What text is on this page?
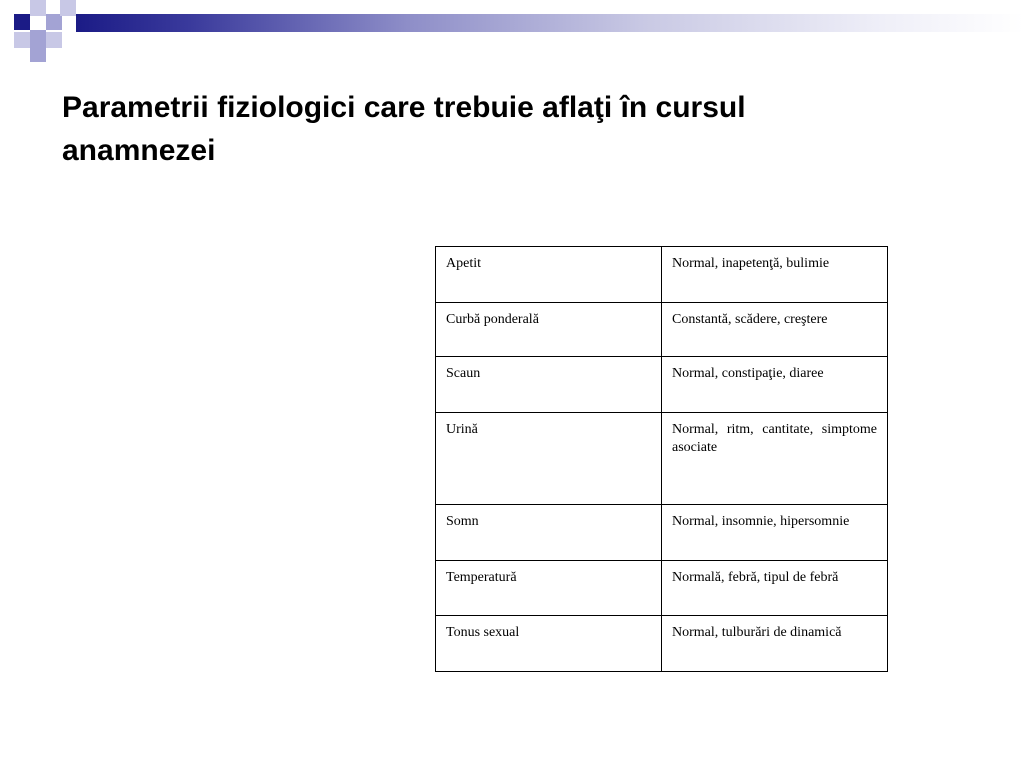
Parametrii fiziologici care trebuie aflaţi în cursul anamnezei
Apetit	Normal, inapetenţă, bulimie
Curbă ponderală	Constantă, scădere, creştere
Scaun	Normal, constipaţie, diaree
Urină	Normal, ritm, cantitate, simptome asociate
Somn	Normal, insomnie, hipersomnie
Temperatură	Normală, febră, tipul de febră
Tonus sexual	Normal, tulburări de dinamică
